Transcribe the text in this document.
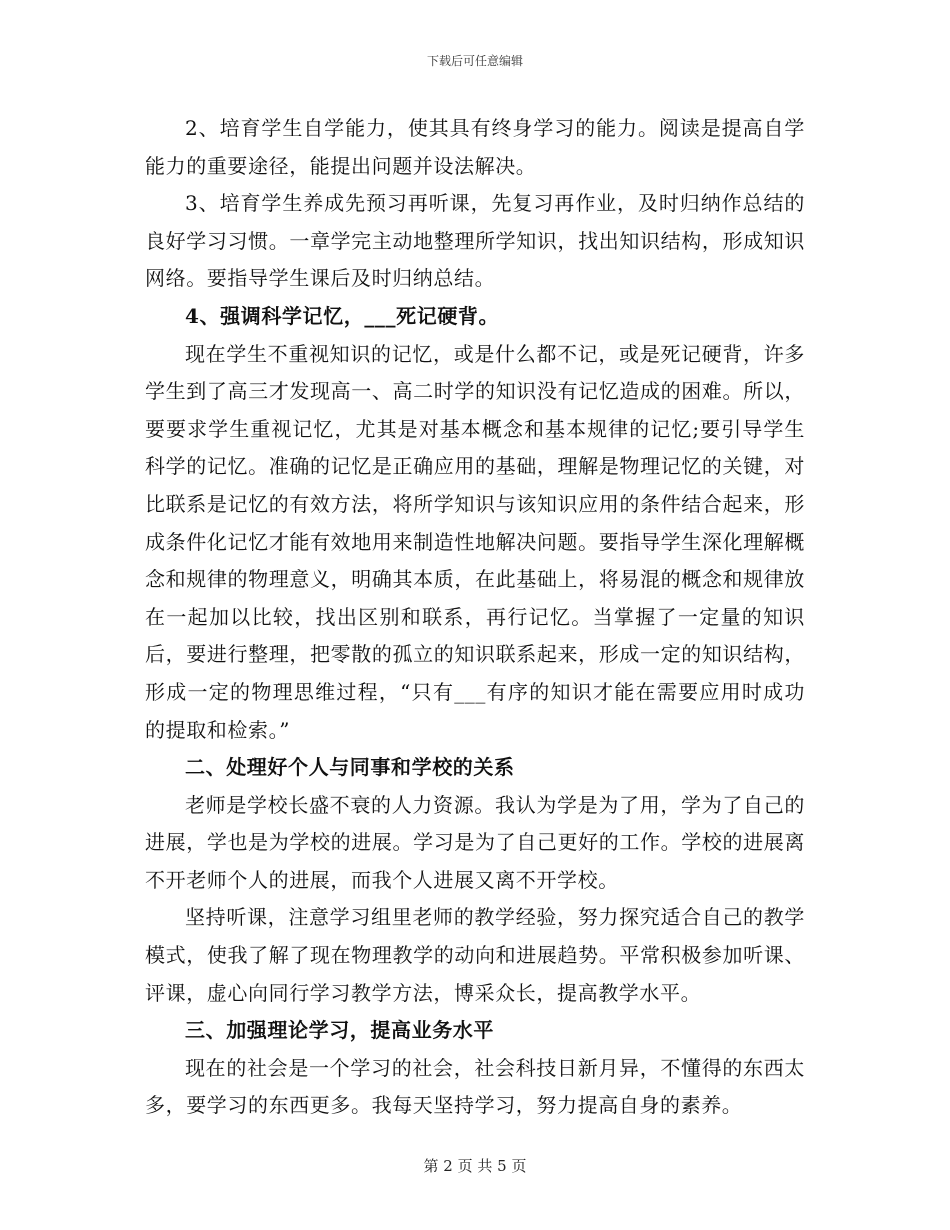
下载后可任意编辑

2、培育学生自学能力，使其具有终身学习的能力。阅读是提高自学能力的重要途径，能提出问题并设法解决。

3、培育学生养成先预习再听课，先复习再作业，及时归纳作总结的良好学习习惯。一章学完主动地整理所学知识，找出知识结构，形成知识网络。要指导学生课后及时归纳总结。

4、强调科学记忆，___死记硬背。

现在学生不重视知识的记忆，或是什么都不记，或是死记硬背，许多学生到了高三才发现高一、高二时学的知识没有记忆造成的困难。所以，要要求学生重视记忆，尤其是对基本概念和基本规律的记忆;要引导学生科学的记忆。准确的记忆是正确应用的基础，理解是物理记忆的关键，对比联系是记忆的有效方法，将所学知识与该知识应用的条件结合起来，形成条件化记忆才能有效地用来制造性地解决问题。要指导学生深化理解概念和规律的物理意义，明确其本质，在此基础上，将易混的概念和规律放在一起加以比较，找出区别和联系，再行记忆。当掌握了一定量的知识后，要进行整理，把零散的孤立的知识联系起来，形成一定的知识结构，形成一定的物理思维过程，“只有___有序的知识才能在需要应用时成功的提取和检索。”

二、处理好个人与同事和学校的关系

老师是学校长盛不衰的人力资源。我认为学是为了用，学为了自己的进展，学也是为学校的进展。学习是为了自己更好的工作。学校的进展离不开老师个人的进展，而我个人进展又离不开学校。

坚持听课，注意学习组里老师的教学经验，努力探究适合自己的教学模式，使我了解了现在物理教学的动向和进展趋势。平常积极参加听课、评课，虚心向同行学习教学方法，博采众长，提高教学水平。

三、加强理论学习，提高业务水平

现在的社会是一个学习的社会，社会科技日新月异，不懂得的东西太多，要学习的东西更多。我每天坚持学习，努力提高自身的素养。

第 2 页 共 5 页
